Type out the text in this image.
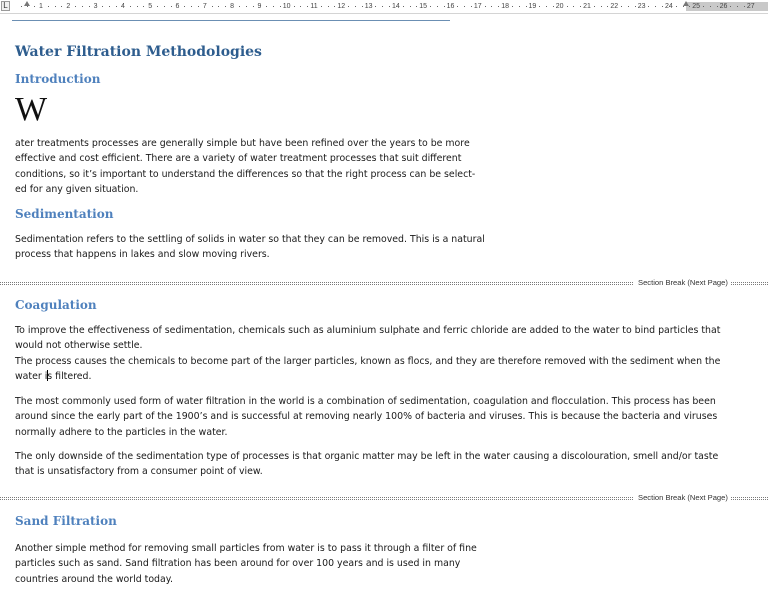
L	1	2	3	4	5	6	7	8	9	10	11	12	13	14	15	16	17	18	19	20	21	22	23	24	25	26	27
Water Filtration Methodologies
Introduction
W
ater treatments processes are generally simple but have been refined over the years to be more
effective and cost efficient. There are a variety of water treatment processes that suit different
conditions, so it’s important to understand the differences so that the right process can be select-
ed for any given situation.
Sedimentation
Sedimentation refers to the settling of solids in water so that they can be removed. This is a natural
process that happens in lakes and slow moving rivers.
Section Break (Next Page)
Coagulation
To improve the effectiveness of sedimentation, chemicals such as aluminium sulphate and ferric chloride are added to the water to bind particles that
would not otherwise settle.
The process causes the chemicals to become part of the larger particles, known as flocs, and they are therefore removed with the sediment when the
water is filtered.
The most commonly used form of water filtration in the world is a combination of sedimentation, coagulation and flocculation. This process has been
around since the early part of the 1900’s and is successful at removing nearly 100% of bacteria and viruses. This is because the bacteria and viruses
normally adhere to the particles in the water.
The only downside of the sedimentation type of processes is that organic matter may be left in the water causing a discolouration, smell and/or taste
that is unsatisfactory from a consumer point of view.
Section Break (Next Page)
Sand Filtration
Another simple method for removing small particles from water is to pass it through a filter of fine
particles such as sand. Sand filtration has been around for over 100 years and is used in many
countries around the world today.
